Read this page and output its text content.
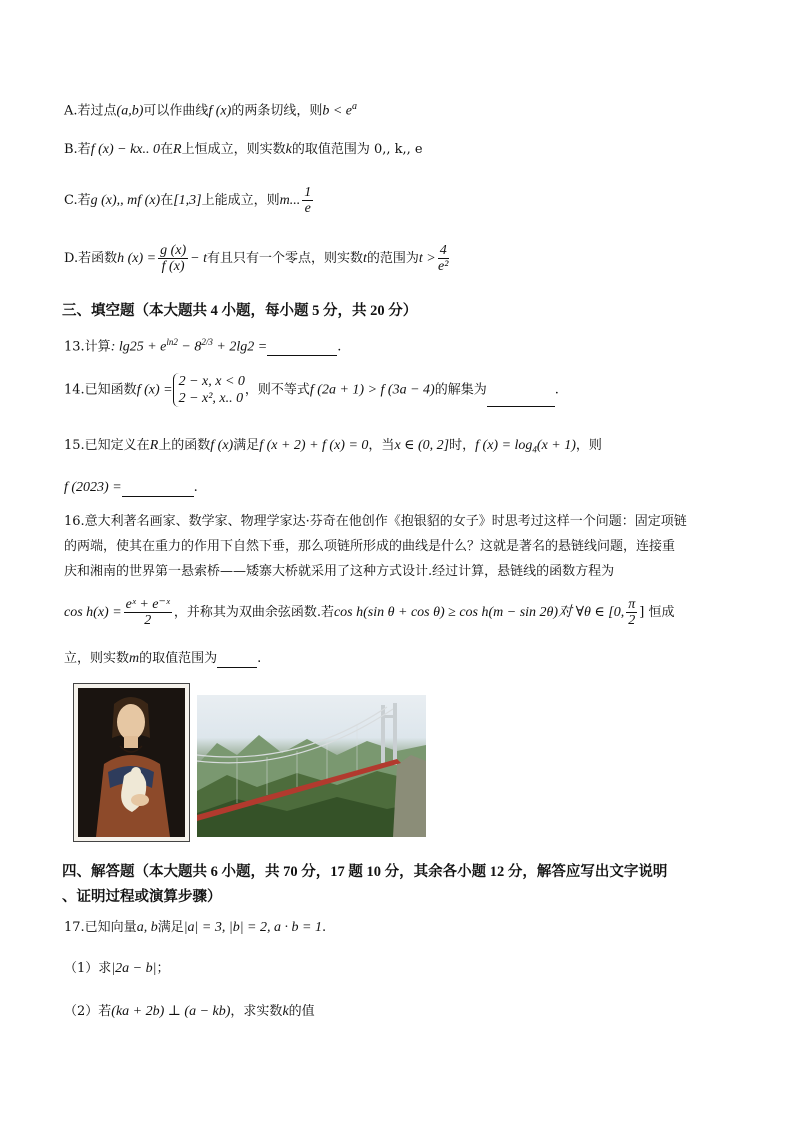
A.若过点(a,b)可以作曲线f (x)的两条切线，则$b < e^a$
B.若f (x) − kx.. 0在R上恒成立，则实数k的取值范围为 0,, k,, e
C.若g (x),, mf (x)在[1,3]上能成立，则m... $\frac{1}{e}$
D.若函数h $(x) = \frac{g (x)}{f (x)} - t$有且只有一个零点，则实数t的范围为$t > \frac{4}{\text{e²}}$
三、填空题（本大题共 4 小题，每小题 5 分，共 20 分）
13.计算: $\lg 25 + e^{ln2} - 8^{2/3} + 2\lg 2$ =	.
14.已知函数f (x) =
2 − x, x < 0
2 − x², x.. 0
，则不等式f (2a + 1) > f (3a − 4)的解集为	.
15.已知定义在R上的函数f (x)满足f (x + 2) + f (x) = 0，当x ∈ (0, 2]时，f $(x) = \log_4(x + 1)$，则
f (2023) =	.
16.意大利著名画家、数学家、物理学家达·芬奇在他创作《抱银貂的女子》时思考过这样一个问题：固定项链
的两端，使其在重力的作用下自然下垂，那么项链所形成的曲线是什么？这就是著名的悬链线问题，连接重
庆和湘南的世界第一悬索桥——矮寨大桥就采用了这种方式设计.经过计算，悬链线的函数方程为
$\cos h(x) = \frac{\text{eˣ + e⁻ˣ}}{2}$ ，并称其为双曲余弦函数.若cos h(sin θ + cos θ) ≥ cos h(m − sin 2θ)对 ∀θ ∈ [0, $\frac{\pi}{2}$ ] 恒成
立，则实数m的取值范围为	.
四、解答题（本大题共 6 小题，共 70 分，17 题 10 分，其余各小题 12 分，解答应写出文字说明
、证明过程或演算步骤）
17.已知向量a, b满足|a| = 3, |b| = 2, a · b = 1.
（1）求|2a − b|；
（2）若(ka + 2b) ⊥ (a − kb)，求实数k的值
